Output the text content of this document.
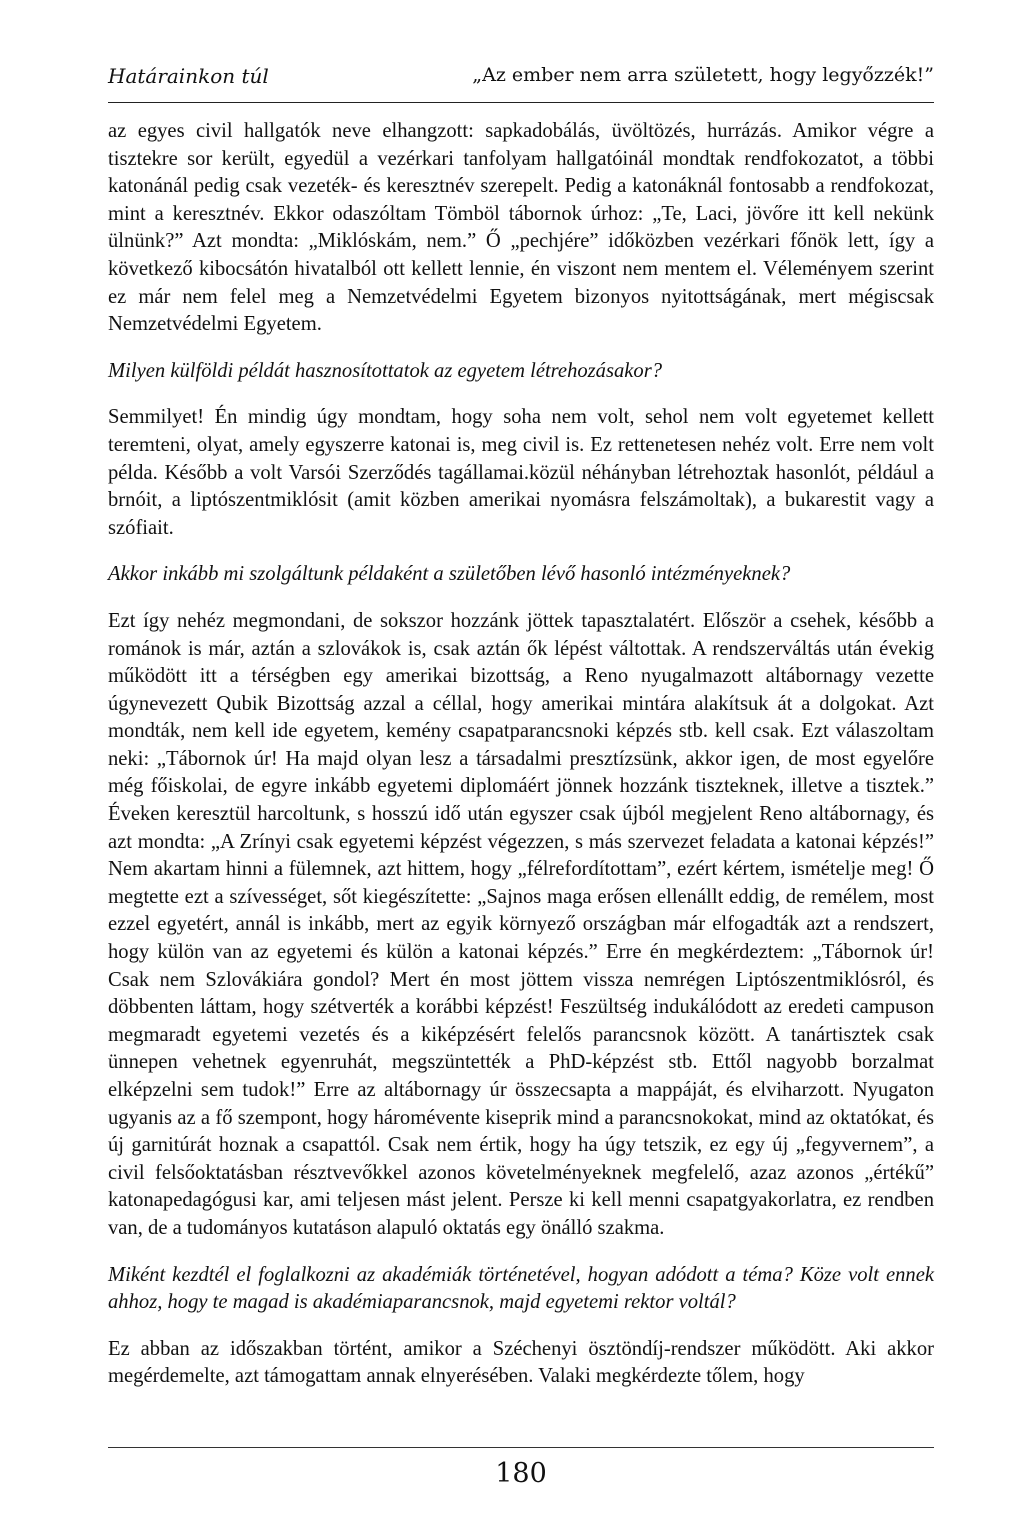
Határainkon túl	„Az ember nem arra született, hogy legyőzzék!”

az egyes civil hallgatók neve elhangzott: sapkadobálás, üvöltözés, hurrázás. Amikor végre a tisztekre sor került, egyedül a vezérkari tanfolyam hallgatóinál mondtak rendfokozatot, a többi katonánál pedig csak vezeték- és keresztnév szerepelt. Pedig a katonáknál fontosabb a rendfokozat, mint a keresztnév. Ekkor odaszóltam Tömböl tábornok úrhoz: „Te, Laci, jövőre itt kell nekünk ülnünk?” Azt mondta: „Miklóskám, nem.” Ő „pechjére” időközben vezérkari főnök lett, így a következő kibocsátón hivatalból ott kellett lennie, én viszont nem mentem el. Véleményem szerint ez már nem felel meg a Nemzetvédelmi Egyetem bizonyos nyitottságának, mert mégiscsak Nemzetvédelmi Egyetem.

Milyen külföldi példát hasznosítottatok az egyetem létrehozásakor?

Semmilyet! Én mindig úgy mondtam, hogy soha nem volt, sehol nem volt egyetemet kellett teremteni, olyat, amely egyszerre katonai is, meg civil is. Ez rettenetesen nehéz volt. Erre nem volt példa. Később a volt Varsói Szerződés tagállamai.közül néhányban létrehoztak hasonlót, például a brnóit, a liptószentmiklósit (amit közben amerikai nyomásra felszámoltak), a bukarestit vagy a szófiait.

Akkor inkább mi szolgáltunk példaként a születőben lévő hasonló intézményeknek?

Ezt így nehéz megmondani, de sokszor hozzánk jöttek tapasztalatért. Először a csehek, később a románok is már, aztán a szlovákok is, csak aztán ők lépést váltottak. A rendszerváltás után évekig működött itt a térségben egy amerikai bizottság, a Reno nyugalmazott altábornagy vezette úgynevezett Qubik Bizottság azzal a céllal, hogy amerikai mintára alakítsuk át a dolgokat. Azt mondták, nem kell ide egyetem, kemény csapatparancsnoki képzés stb. kell csak. Ezt válaszoltam neki: „Tábornok úr! Ha majd olyan lesz a társadalmi presztízsünk, akkor igen, de most egyelőre még főiskolai, de egyre inkább egyetemi diplomáért jönnek hozzánk tiszteknek, illetve a tisztek.” Éveken keresztül harcoltunk, s hosszú idő után egyszer csak újból megjelent Reno altábornagy, és azt mondta: „A Zrínyi csak egyetemi képzést végezzen, s más szervezet feladata a katonai képzés!” Nem akartam hinni a fülemnek, azt hittem, hogy „félrefordítottam”, ezért kértem, ismételje meg! Ő megtette ezt a szívességet, sőt kiegészítette: „Sajnos maga erősen ellenállt eddig, de remélem, most ezzel egyetért, annál is inkább, mert az egyik környező országban már elfogadták azt a rendszert, hogy külön van az egyetemi és külön a katonai képzés.” Erre én megkérdeztem: „Tábornok úr! Csak nem Szlovákiára gondol? Mert én most jöttem vissza nemrégen Liptószentmiklósról, és döbbenten láttam, hogy szétverték a korábbi képzést! Feszültség indukálódott az eredeti campuson megmaradt egyetemi vezetés és a kiképzésért felelős parancsnok között. A tanártisztek csak ünnepen vehetnek egyenruhát, megszüntették a PhD-képzést stb. Ettől nagyobb borzalmat elképzelni sem tudok!” Erre az altábornagy úr összecsapta a mappáját, és elviharzott. Nyugaton ugyanis az a fő szempont, hogy háromévente kiseprik mind a parancsnokokat, mind az oktatókat, és új garnitúrát hoznak a csapattól. Csak nem értik, hogy ha úgy tetszik, ez egy új „fegyvernem”, a civil felsőoktatásban résztvevőkkel azonos követelményeknek megfelelő, azaz azonos „értékű” katonapedagógusi kar, ami teljesen mást jelent. Persze ki kell menni csapatgyakorlatra, ez rendben van, de a tudományos kutatáson alapuló oktatás egy önálló szakma.

Miként kezdtél el foglalkozni az akadémiák történetével, hogyan adódott a téma? Köze volt ennek ahhoz, hogy te magad is akadémiaparancsnok, majd egyetemi rektor voltál?

Ez abban az időszakban történt, amikor a Széchenyi ösztöndíj-rendszer működött. Aki akkor megérdemelte, azt támogattam annak elnyerésében. Valaki megkérdezte tőlem, hogy

180
